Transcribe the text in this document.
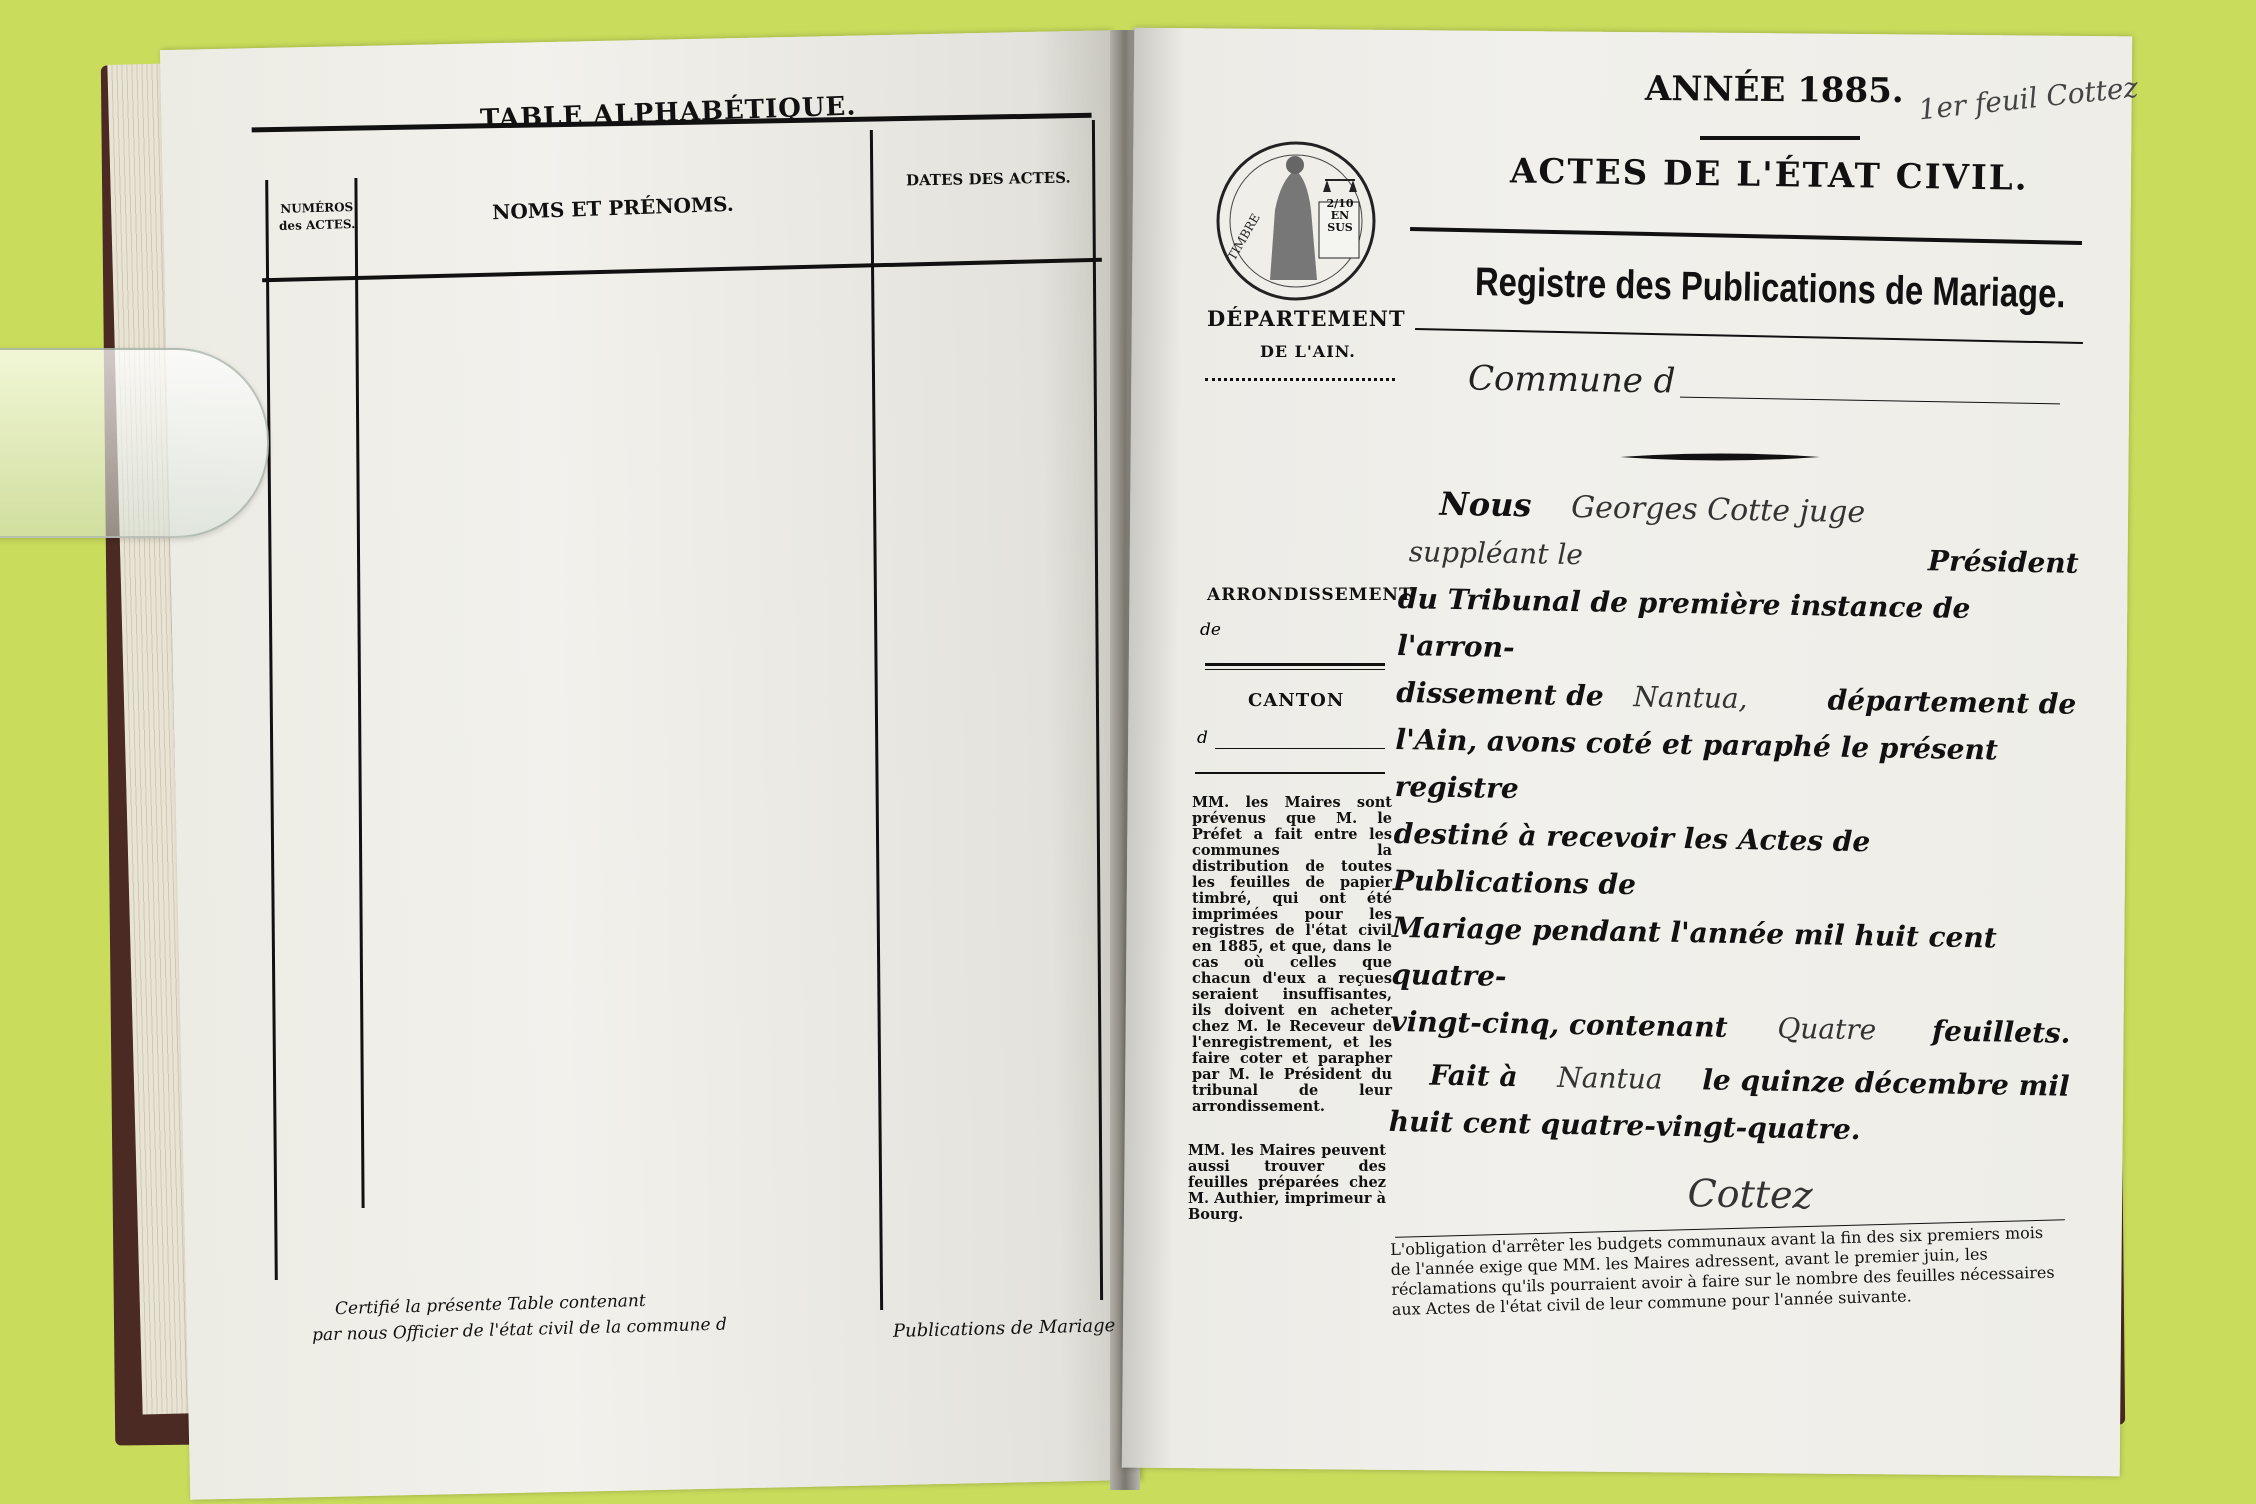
TABLE ALPHABÉTIQUE.
NUMÉROS des ACTES.
NOMS ET PRÉNOMS.
DATES DES ACTES.
Certifié la présente Table contenant
par nous Officier de l'état civil de la commune d	Publications de Mariage
ANNÉE 1885. 1er feuil Cottez
ACTES DE L'ÉTAT CIVIL.
Registre des Publications de Mariage.
Commune d
TIMBRE
2/10 EN SUS
DÉPARTEMENT
DE L'AIN.
ARRONDISSEMENT
de
CANTON
d
MM. les Maires sont prévenus que M. le Préfet a fait entre les communes la distribution de toutes les feuilles de papier timbré, qui ont été imprimées pour les registres de l'état civil en 1885, et que, dans le cas où celles que chacun d'eux a reçues seraient insuffisantes, ils doivent en acheter chez M. le Receveur de l'enregistrement, et les faire coter et parapher par M. le Président du tribunal de leur arrondissement.
MM. les Maires peuvent aussi trouver des feuilles préparées chez M. Authier, imprimeur à Bourg.
Nous Georges Cotte juge
suppléant le	Président
du Tribunal de première instance de l'arron-
dissement de Nantua,	département de
l'Ain, avons coté et paraphé le présent registre
destiné à recevoir les Actes de Publications de
Mariage pendant l'année mil huit cent quatre-
vingt-cinq, contenant Quatre feuillets.
Fait à Nantua le quinze décembre mil
huit cent quatre-vingt-quatre.
Cottez
L'obligation d'arrêter les budgets communaux avant la fin des six premiers mois de l'année exige que MM. les Maires adressent, avant le premier juin, les réclamations qu'ils pourraient avoir à faire sur le nombre des feuilles nécessaires aux Actes de l'état civil de leur commune pour l'année suivante.
